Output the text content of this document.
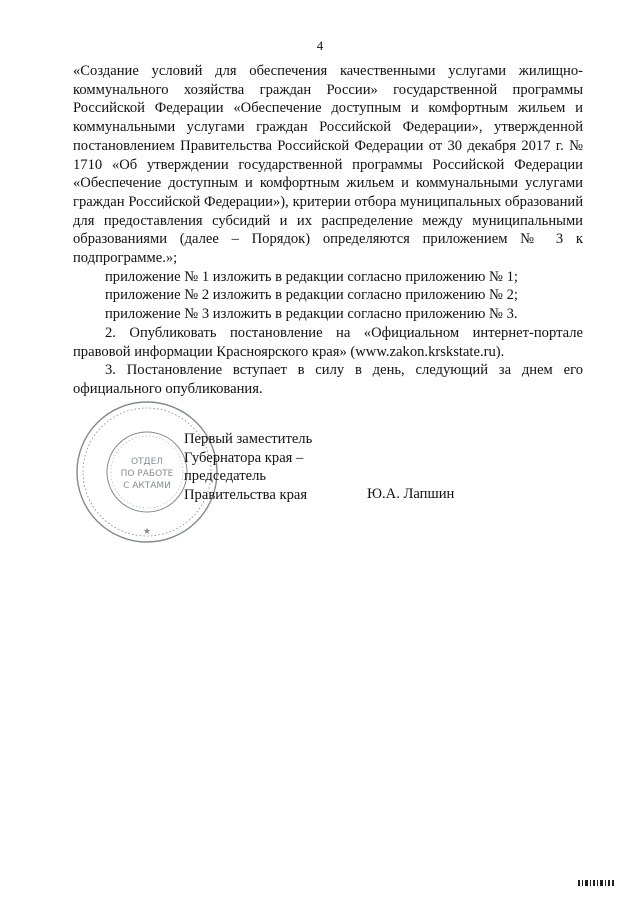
4

«Создание условий для обеспечения качественными услугами жилищно-коммунального хозяйства граждан России» государственной программы Российской Федерации «Обеспечение доступным и комфортным жильем и коммунальными услугами граждан Российской Федерации», утвержденной постановлением Правительства Российской Федерации от 30 декабря 2017 г. № 1710 «Об утверждении государственной программы Российской Федерации «Обеспечение доступным и комфортным жильем и коммунальными услугами граждан Российской Федерации»), критерии отбора муниципальных образований для предоставления субсидий и их распределение между муниципальными образованиями (далее – Порядок) определяются приложением № 3 к подпрограмме.»;

приложение № 1 изложить в редакции согласно приложению № 1;

приложение № 2 изложить в редакции согласно приложению № 2;

приложение № 3 изложить в редакции согласно приложению № 3.

2. Опубликовать постановление на «Официальном интернет-портале правовой информации Красноярского края» (www.zakon.krskstate.ru).

3. Постановление вступает в силу в день, следующий за днем его официального опубликования.

ОТДЕЛ
ПО РАБОТЕ
С АКТАМИ
★
Первый заместитель
Губернатора края –
председатель
Правительства края	Ю.А. Лапшин
